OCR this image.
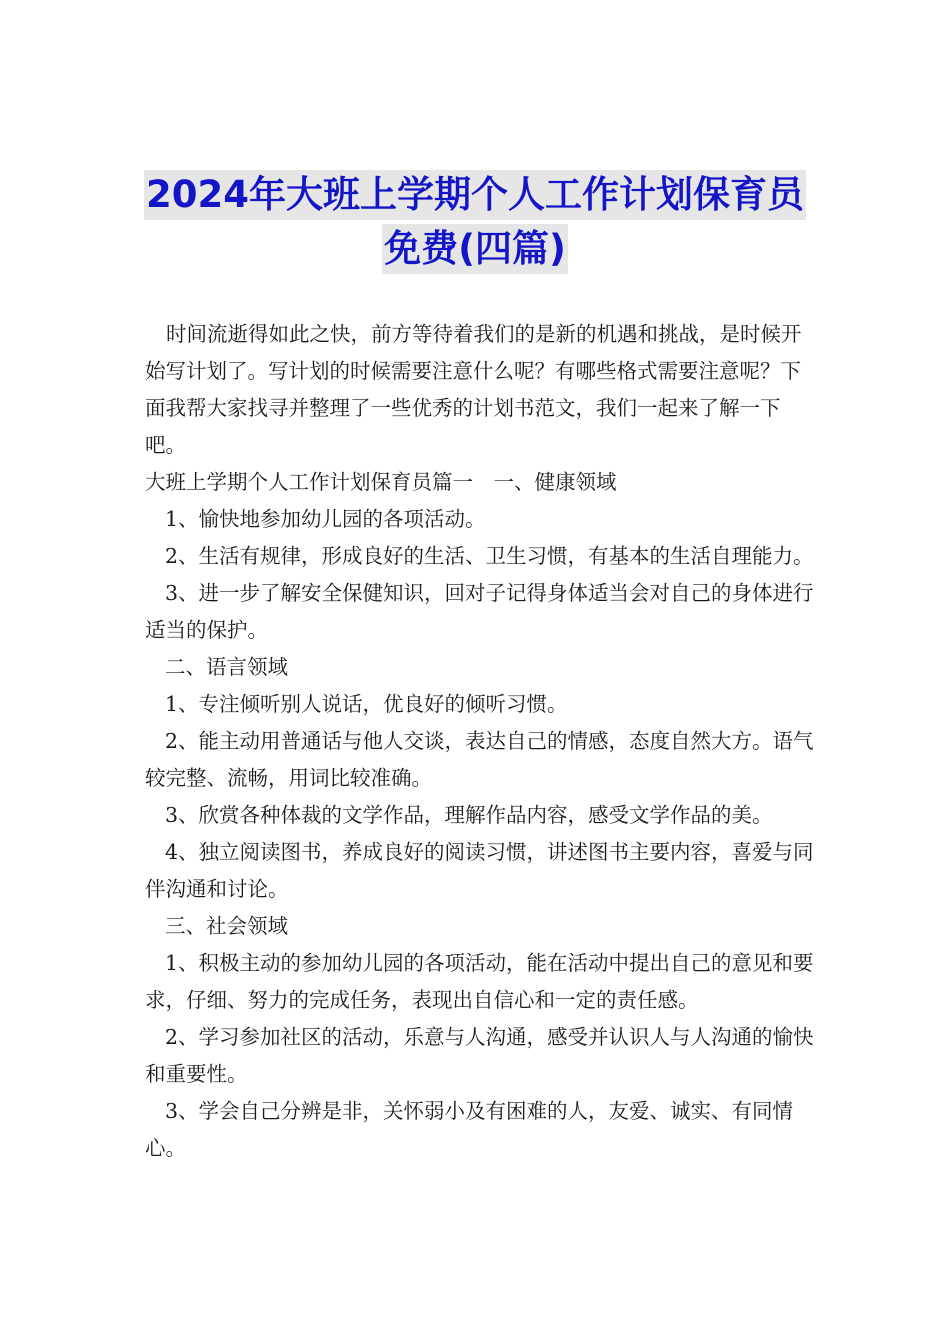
2024年大班上学期个人工作计划保育员
免费(四篇)

时间流逝得如此之快，前方等待着我们的是新的机遇和挑战，是时候开始写计划了。写计划的时候需要注意什么呢？有哪些格式需要注意呢？下面我帮大家找寻并整理了一些优秀的计划书范文，我们一起来了解一下吧。

大班上学期个人工作计划保育员篇一　一、健康领域

1、愉快地参加幼儿园的各项活动。

2、生活有规律，形成良好的生活、卫生习惯，有基本的生活自理能力。

3、进一步了解安全保健知识，回对子记得身体适当会对自己的身体进行适当的保护。

二、语言领域

1、专注倾听别人说话，优良好的倾听习惯。

2、能主动用普通话与他人交谈，表达自己的情感，态度自然大方。语气较完整、流畅，用词比较准确。

3、欣赏各种体裁的文学作品，理解作品内容，感受文学作品的美。

4、独立阅读图书，养成良好的阅读习惯，讲述图书主要内容，喜爱与同伴沟通和讨论。

三、社会领域

1、积极主动的参加幼儿园的各项活动，能在活动中提出自己的意见和要求，仔细、努力的完成任务，表现出自信心和一定的责任感。

2、学习参加社区的活动，乐意与人沟通，感受并认识人与人沟通的愉快和重要性。

3、学会自己分辨是非，关怀弱小及有困难的人，友爱、诚实、有同情心。
